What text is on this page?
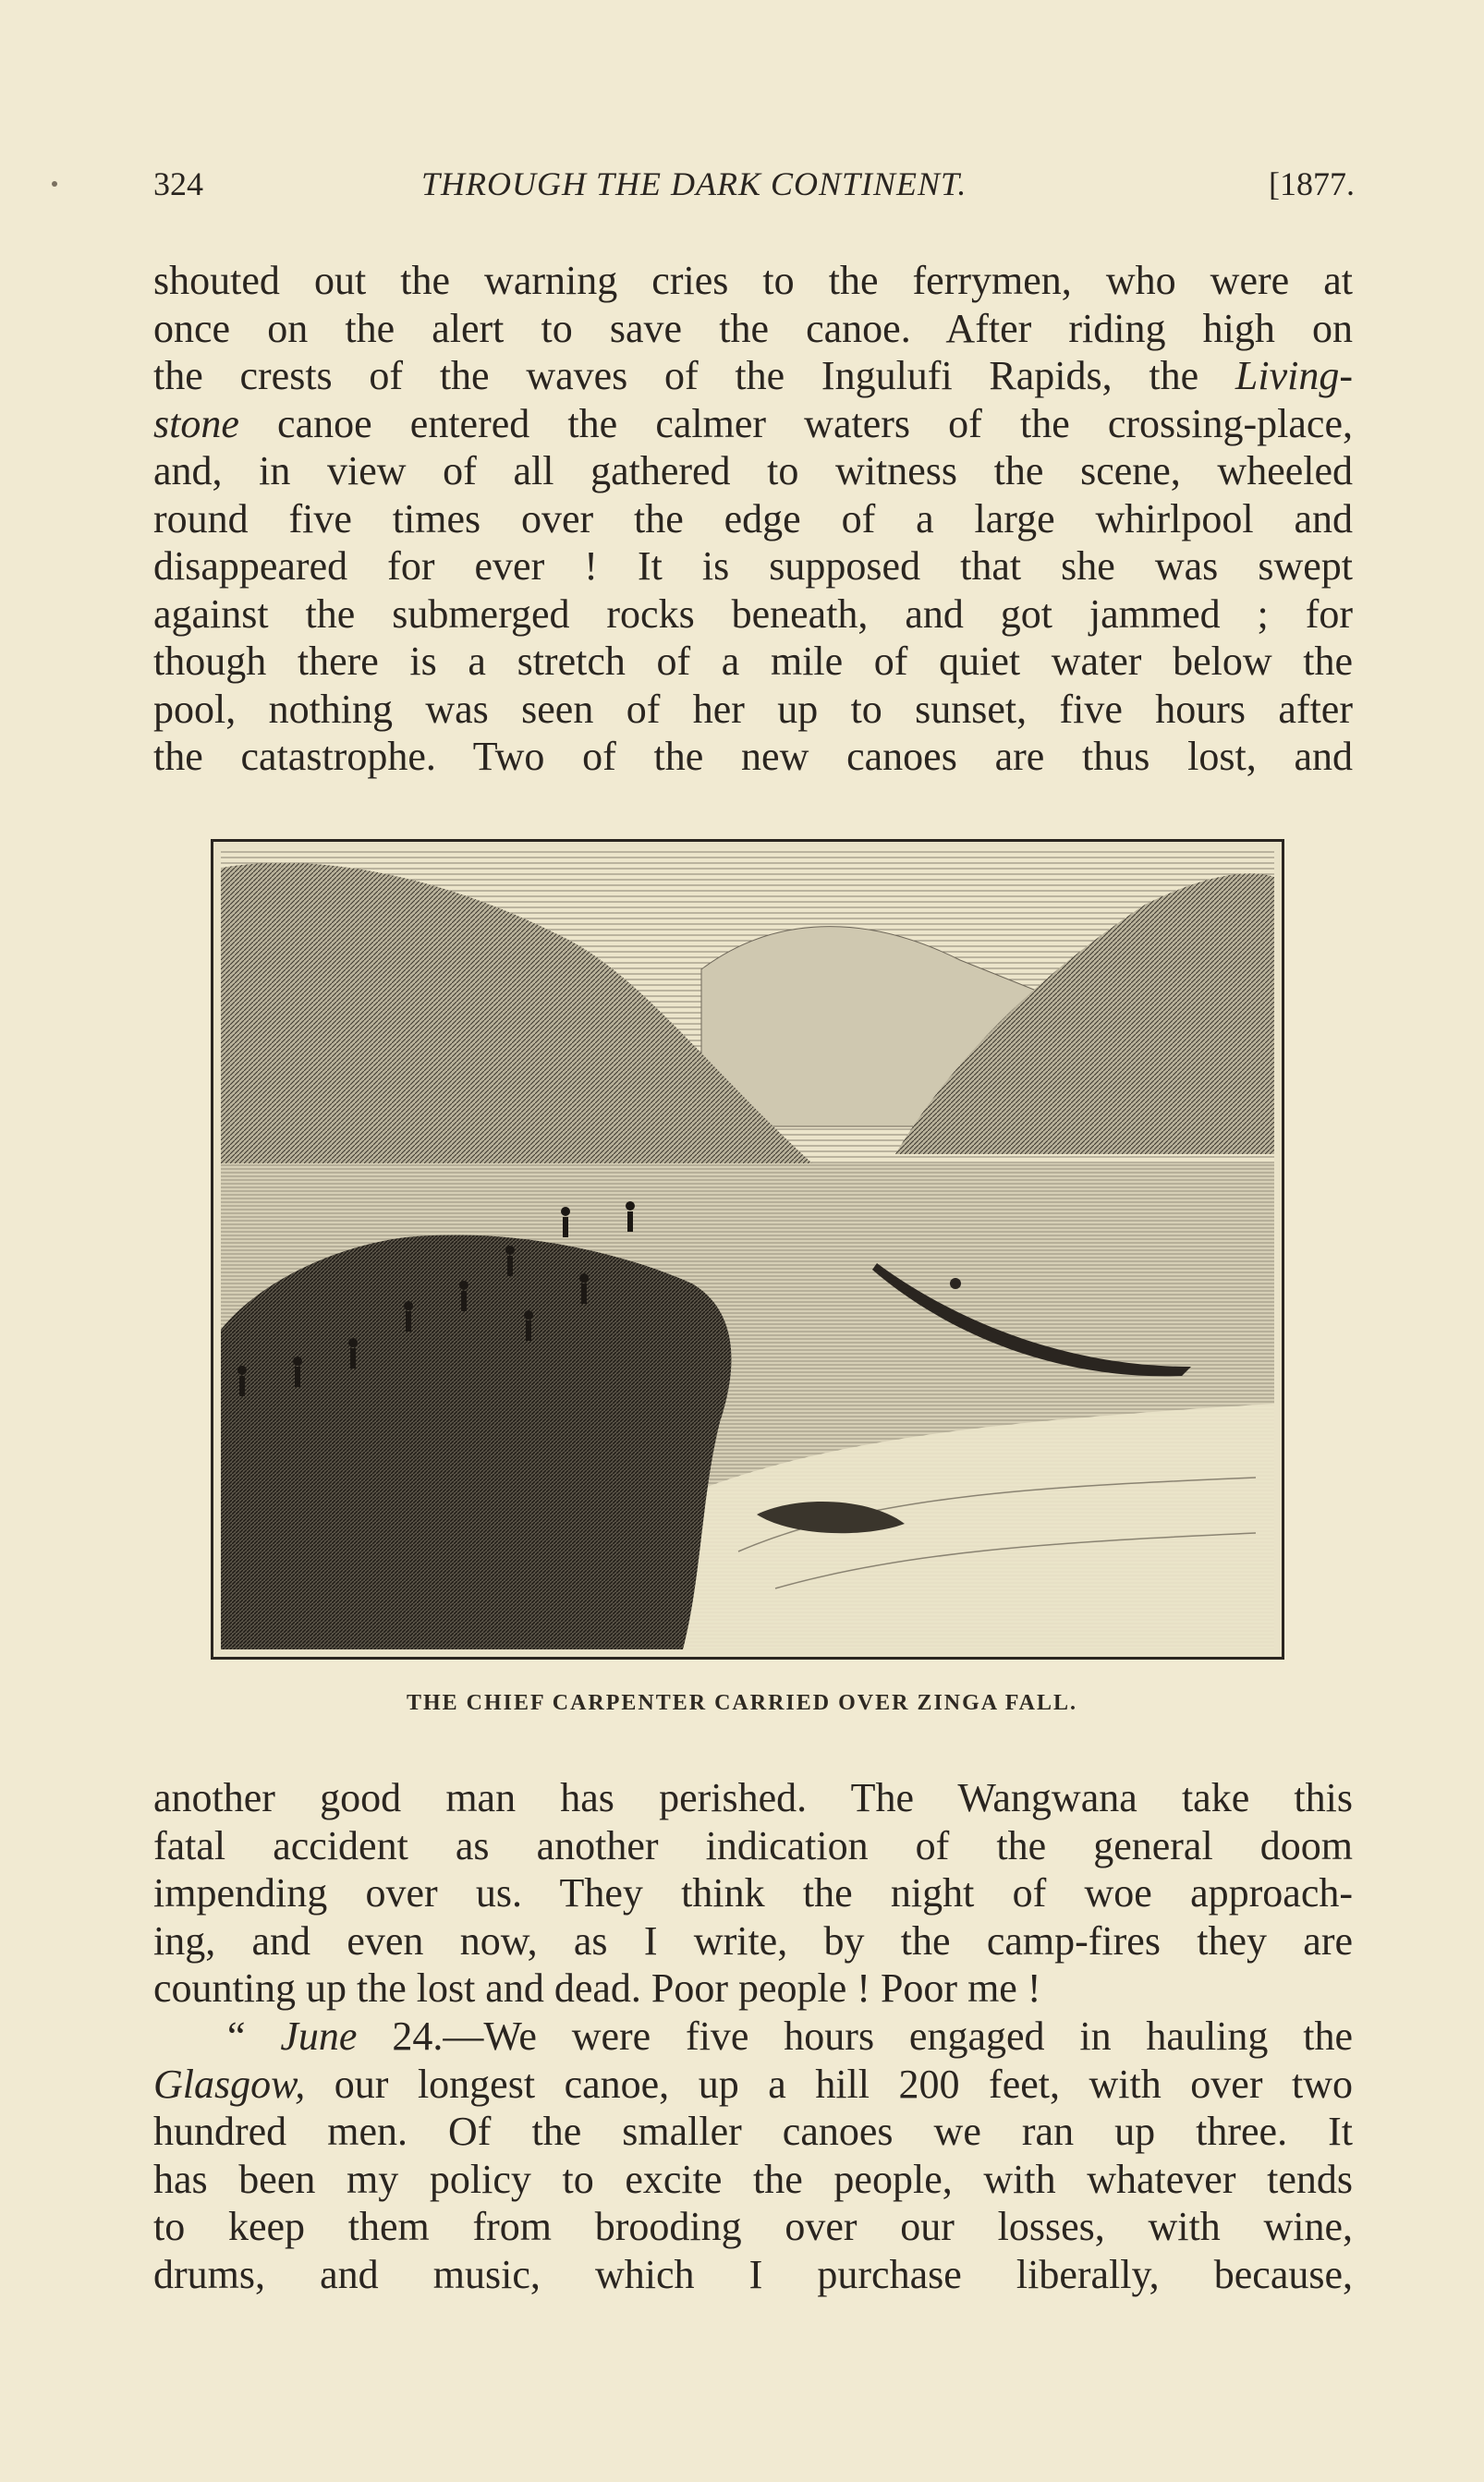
324	THROUGH THE DARK CONTINENT.	[1877.
shouted out the warning cries to the ferrymen, who were at
once on the alert to save the canoe. After riding high on
the crests of the waves of the Ingulufi Rapids, the Living-
stone canoe entered the calmer waters of the crossing-place,
and, in view of all gathered to witness the scene, wheeled
round five times over the edge of a large whirlpool and
disappeared for ever ! It is supposed that she was swept
against the submerged rocks beneath, and got jammed ; for
though there is a stretch of a mile of quiet water below the
pool, nothing was seen of her up to sunset, five hours after
the catastrophe. Two of the new canoes are thus lost, and
THE CHIEF CARPENTER CARRIED OVER ZINGA FALL.
another good man has perished. The Wangwana take this
fatal accident as another indication of the general doom
impending over us. They think the night of woe approach-
ing, and even now, as I write, by the camp-fires they are
counting up the lost and dead. Poor people ! Poor me !
“ June 24.—We were five hours engaged in hauling the
Glasgow, our longest canoe, up a hill 200 feet, with over two
hundred men. Of the smaller canoes we ran up three. It
has been my policy to excite the people, with whatever tends
to keep them from brooding over our losses, with wine,
drums, and music, which I purchase liberally, because,
